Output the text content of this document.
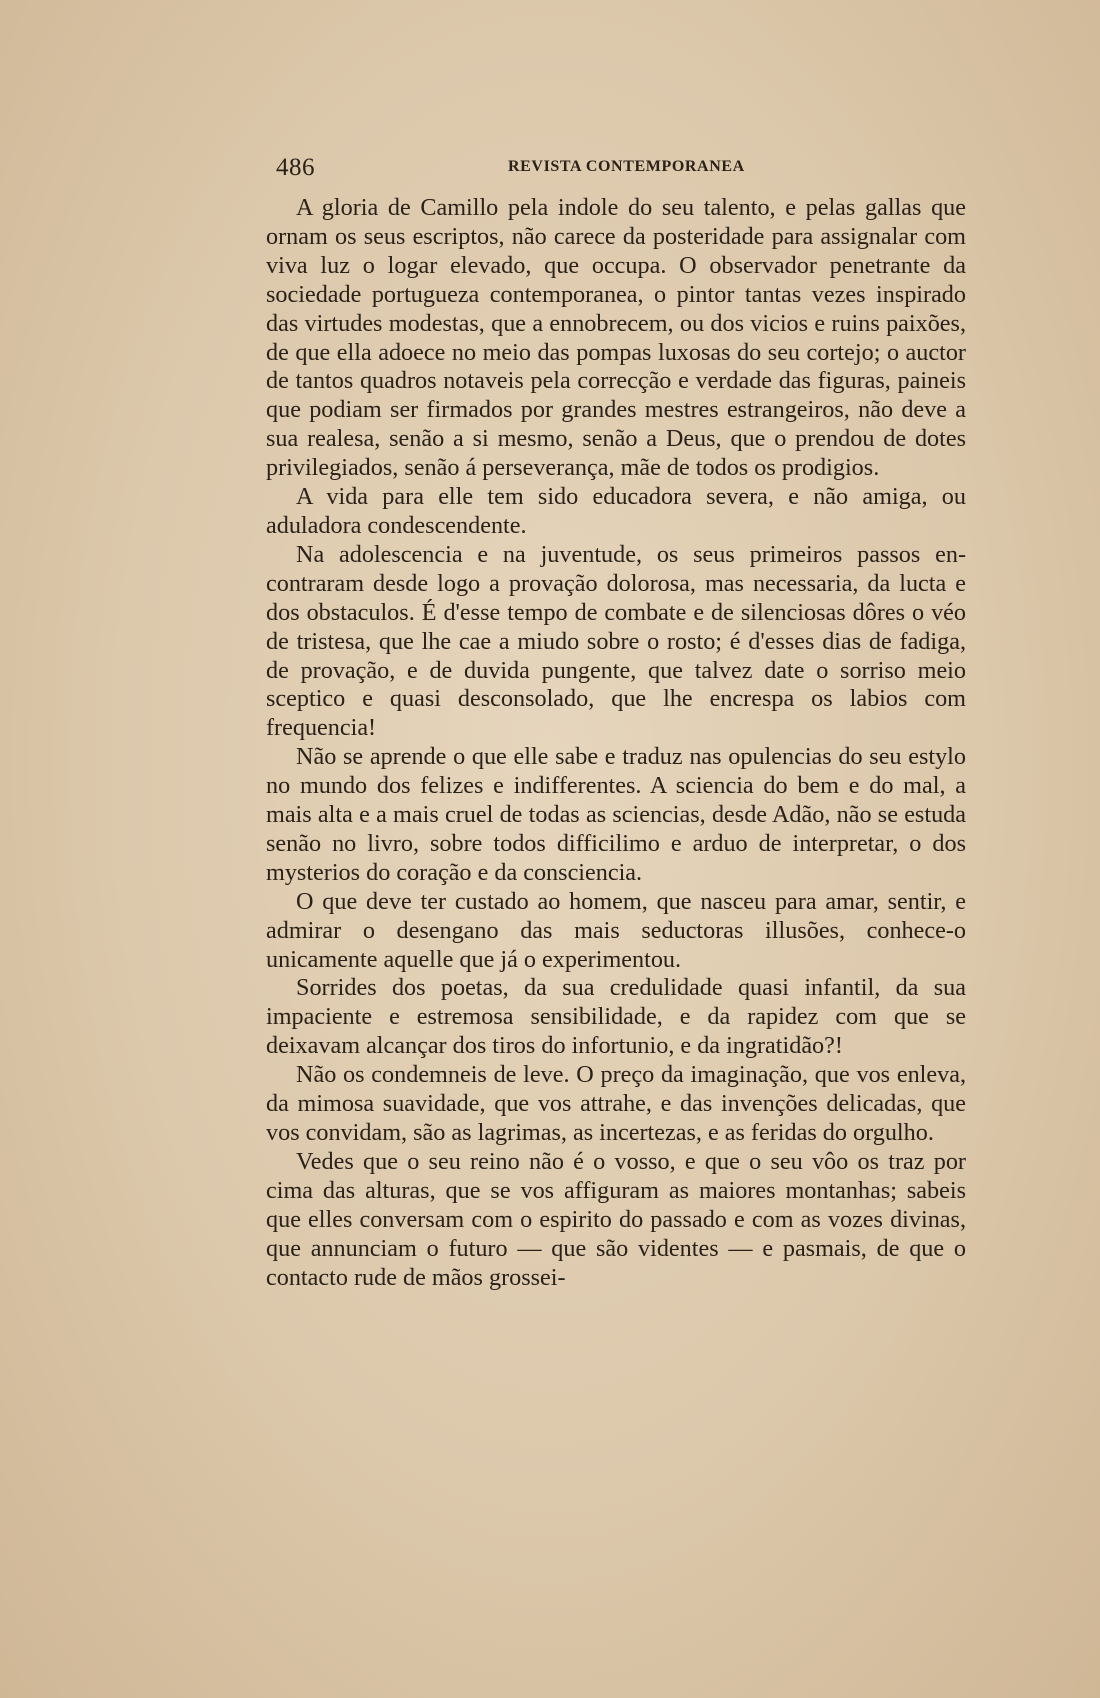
486	REVISTA CONTEMPORANEA

A gloria de Camillo pela indole do seu talento, e pelas gallas que ornam os seus escriptos, não carece da posteridade para assignalar com viva luz o logar elevado, que occupa. O observador penetrante da sociedade portugueza contemporanea, o pintor tantas vezes inspirado das virtudes modestas, que a ennobrecem, ou dos vicios e ruins paixões, de que ella adoece no meio das pompas luxosas do seu cortejo; o auctor de tantos quadros notaveis pela correcção e verdade das figuras, paineis que podiam ser firmados por grandes mestres estrangeiros, não deve a sua realesa, senão a si mesmo, senão a Deus, que o prendou de dotes privilegiados, senão á perseverança, mãe de todos os prodigios.

A vida para elle tem sido educadora severa, e não amiga, ou aduladora condescendente.

Na adolescencia e na juventude, os seus primeiros passos encontraram desde logo a provação dolorosa, mas necessaria, da lucta e dos obstaculos. É d'esse tempo de combate e de silenciosas dôres o véo de tristesa, que lhe cae a miudo sobre o rosto; é d'esses dias de fadiga, de provação, e de duvida pungente, que talvez date o sorriso meio sceptico e quasi desconsolado, que lhe encrespa os labios com frequencia!

Não se aprende o que elle sabe e traduz nas opulencias do seu estylo no mundo dos felizes e indifferentes. A sciencia do bem e do mal, a mais alta e a mais cruel de todas as sciencias, desde Adão, não se estuda senão no livro, sobre todos difficilimo e arduo de interpretar, o dos mysterios do coração e da consciencia.

O que deve ter custado ao homem, que nasceu para amar, sentir, e admirar o desengano das mais seductoras illusões, conhece-o unicamente aquelle que já o experimentou.

Sorrides dos poetas, da sua credulidade quasi infantil, da sua impaciente e estremosa sensibilidade, e da rapidez com que se deixavam alcançar dos tiros do infortunio, e da ingratidão?!

Não os condemneis de leve. O preço da imaginação, que vos enleva, da mimosa suavidade, que vos attrahe, e das invenções delicadas, que vos convidam, são as lagrimas, as incertezas, e as feridas do orgulho.

Vedes que o seu reino não é o vosso, e que o seu vôo os traz por cima das alturas, que se vos affiguram as maiores montanhas; sabeis que elles conversam com o espirito do passado e com as vozes divinas, que annunciam o futuro — que são videntes — e pasmais, de que o contacto rude de mãos grossei-
